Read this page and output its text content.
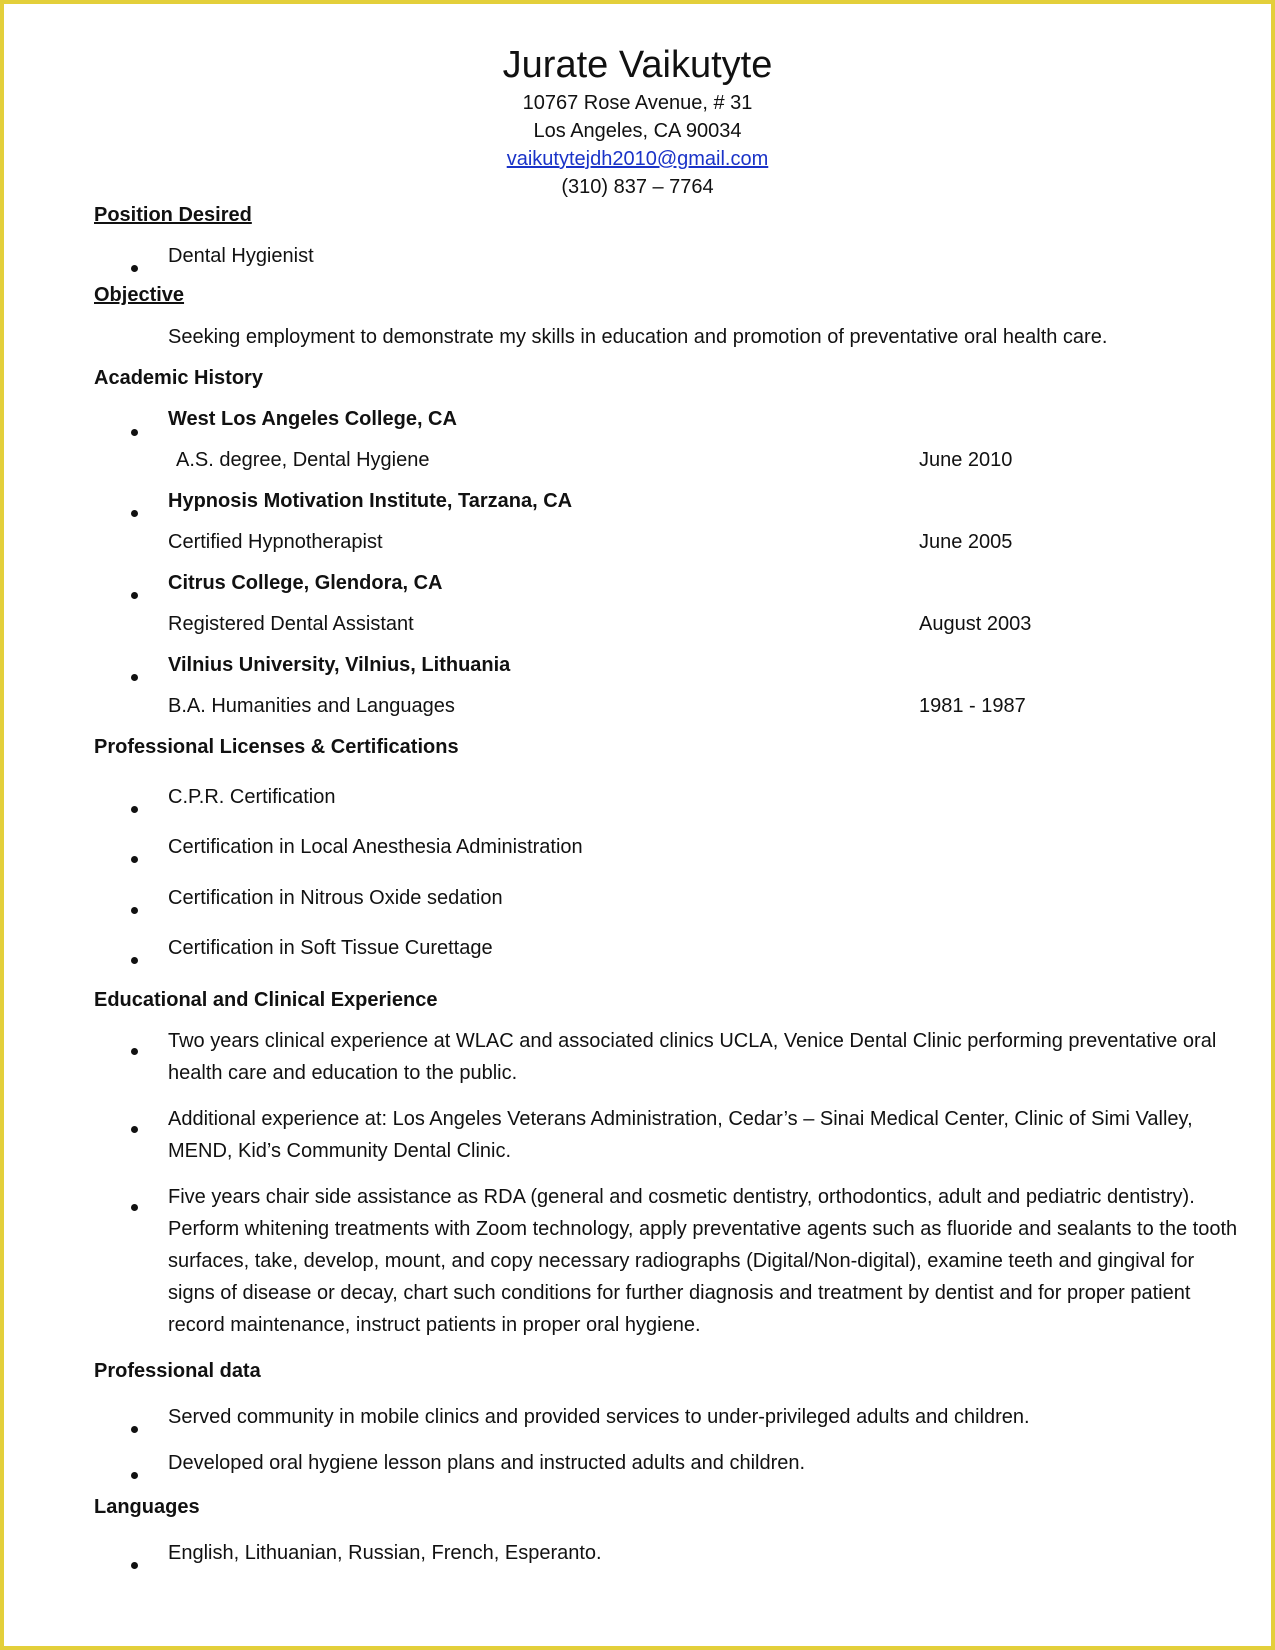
Jurate Vaikutyte
10767 Rose Avenue, # 31
Los Angeles, CA 90034
vaikutytejdh2010@gmail.com
(310) 837 – 7764
Position Desired
Dental Hygienist
Objective
Seeking employment to demonstrate my skills in education and promotion of preventative oral health care.
Academic History
West Los Angeles College, CA
A.S. degree, Dental Hygiene	June 2010
Hypnosis Motivation Institute, Tarzana, CA
Certified Hypnotherapist	June 2005
Citrus College, Glendora, CA
Registered Dental Assistant	August 2003
Vilnius University, Vilnius, Lithuania
B.A. Humanities and Languages	1981 - 1987
Professional Licenses & Certifications
C.P.R. Certification
Certification in Local Anesthesia Administration
Certification in Nitrous Oxide sedation
Certification in Soft Tissue Curettage
Educational and Clinical Experience
Two years clinical experience at WLAC and associated clinics UCLA, Venice Dental Clinic performing preventative oral health care and education to the public.
Additional experience at: Los Angeles Veterans Administration, Cedar’s – Sinai Medical Center, Clinic of Simi Valley, MEND, Kid’s Community Dental Clinic.
Five years chair side assistance as RDA (general and cosmetic dentistry, orthodontics, adult and pediatric dentistry). Perform whitening treatments with Zoom technology, apply preventative agents such as fluoride and sealants to the tooth surfaces, take, develop, mount, and copy necessary radiographs (Digital/Non-digital), examine teeth and gingival for signs of disease or decay, chart such conditions for further diagnosis and treatment by dentist and for proper patient record maintenance, instruct patients in proper oral hygiene.
Professional data
Served community in mobile clinics and provided services to under-privileged adults and children.
Developed oral hygiene lesson plans and instructed adults and children.
Languages
English, Lithuanian, Russian, French, Esperanto.
